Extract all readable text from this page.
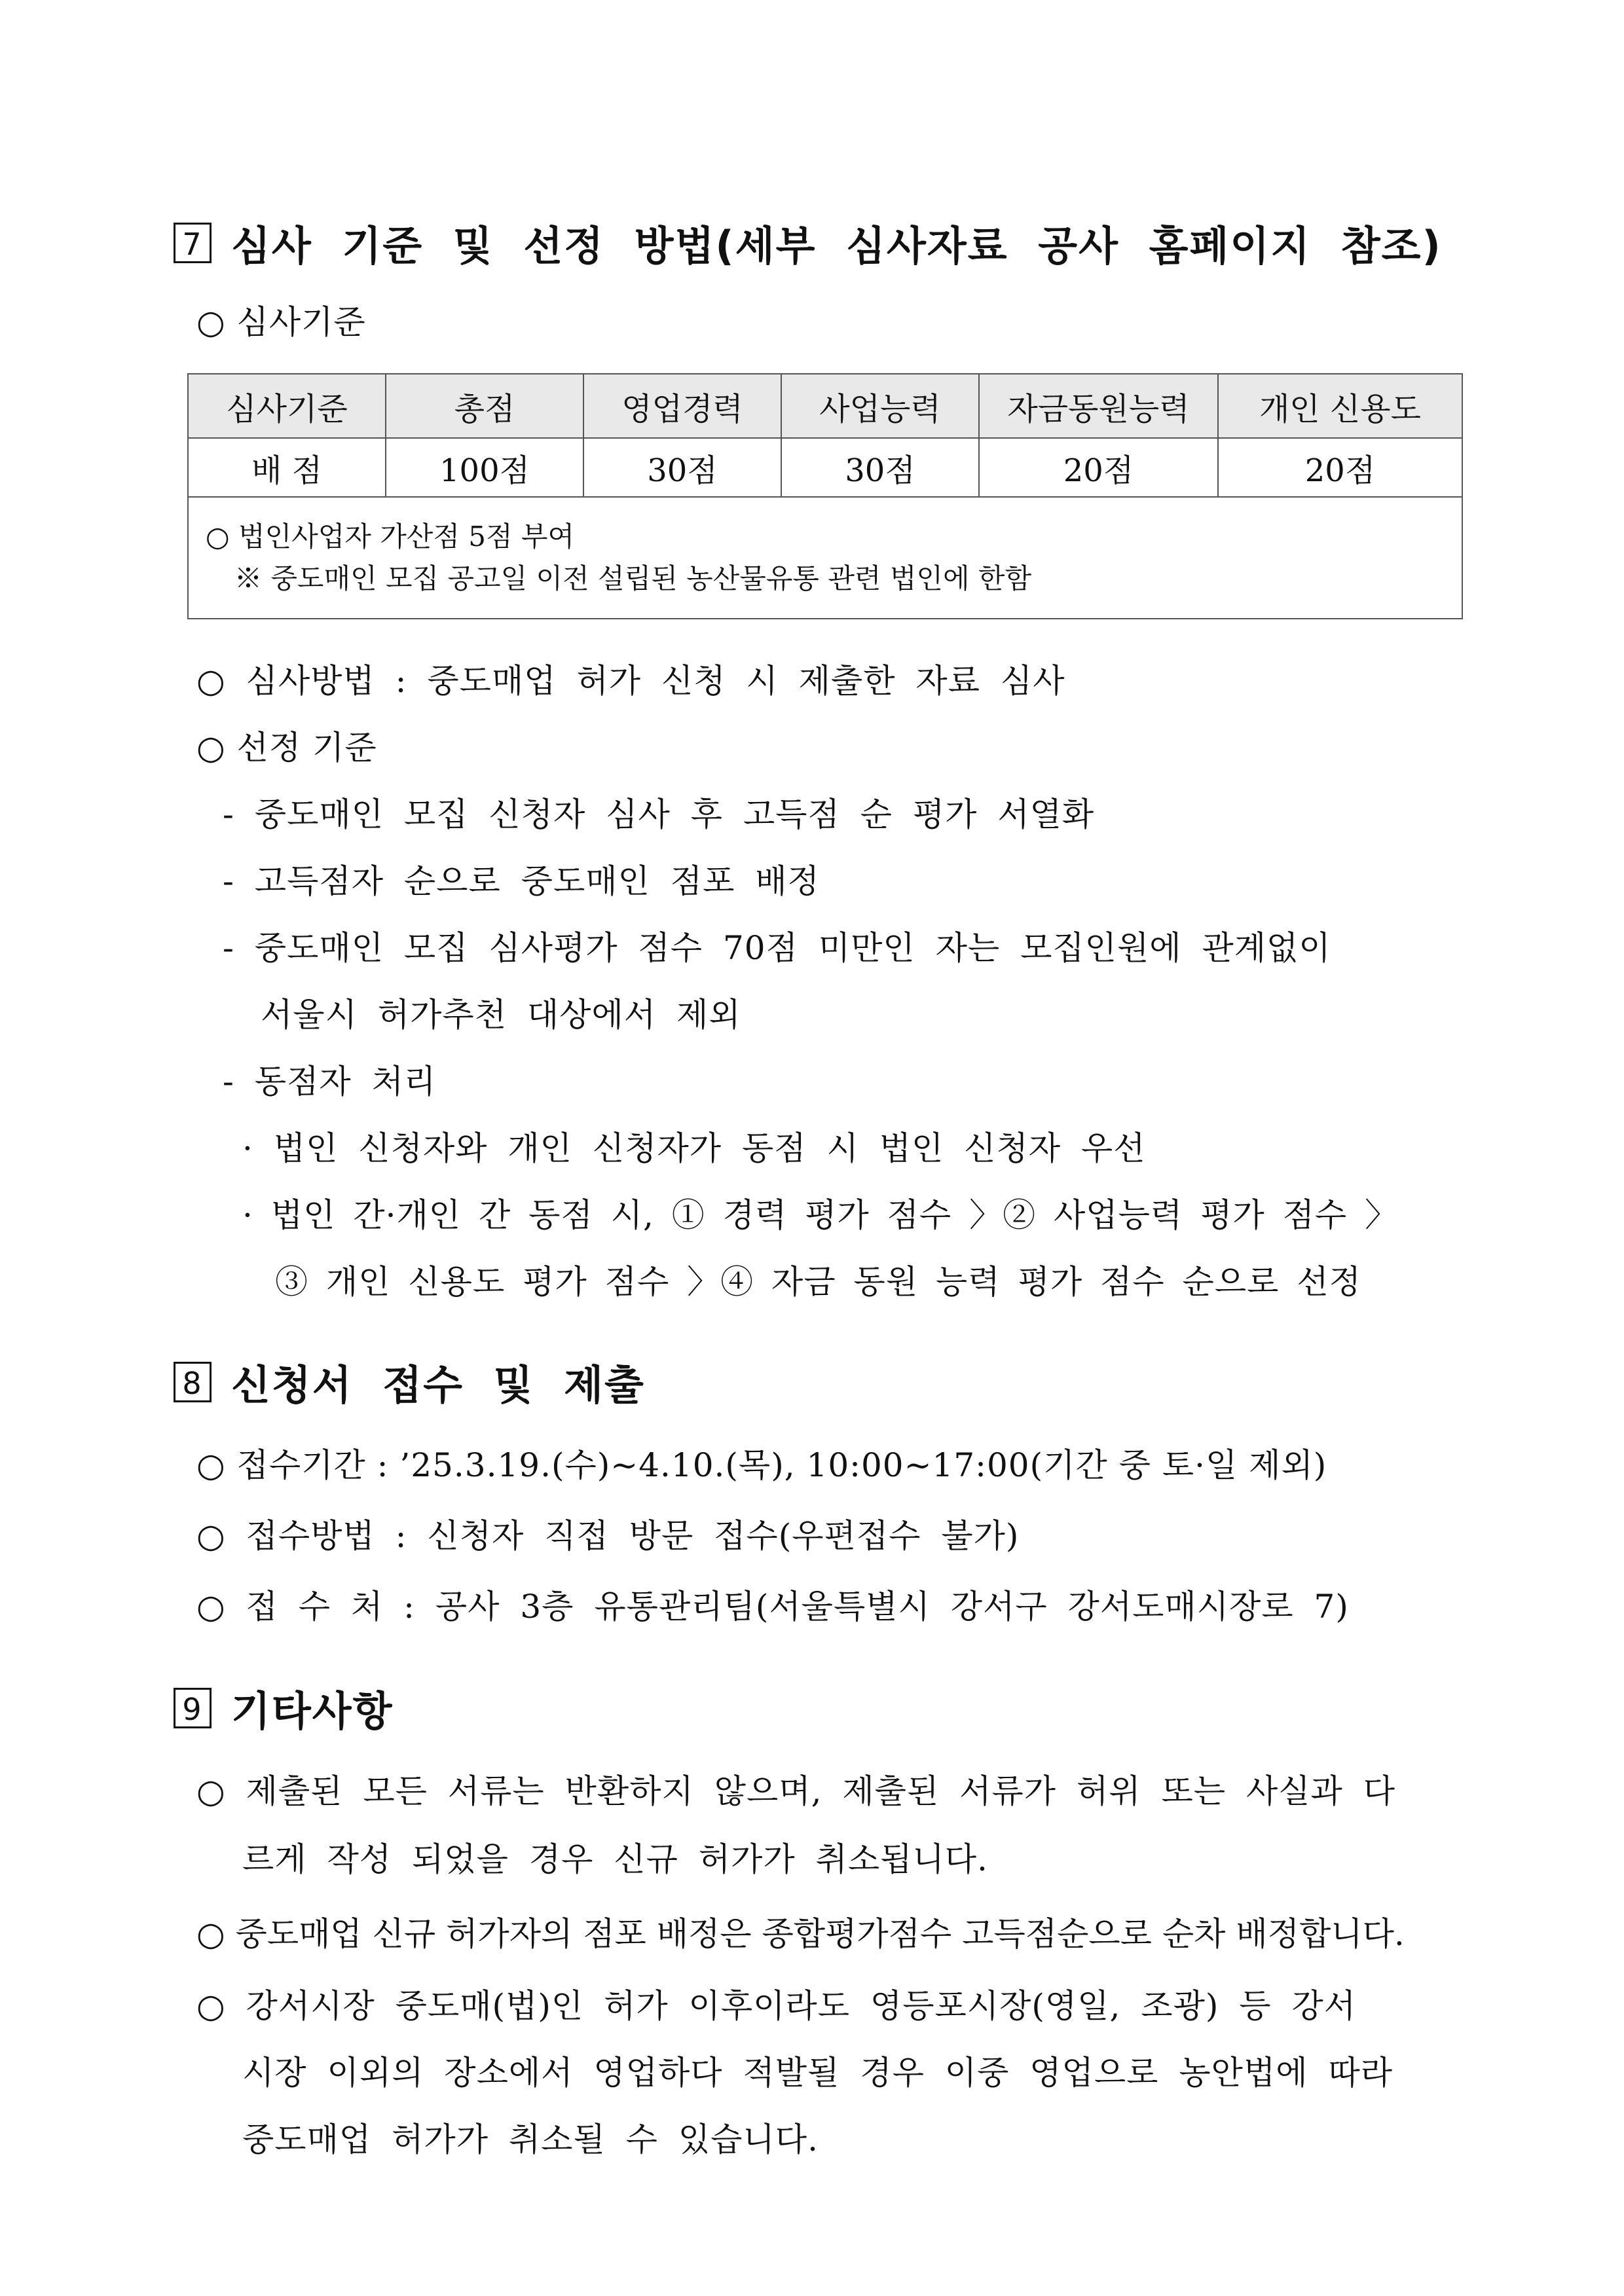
7 심사 기준 및 선정 방법(세부 심사자료 공사 홈페이지 참조)
○ 심사기준
심사기준	총점	영업경력	사업능력	자금동원능력	개인 신용도
배 점	100점	30점	30점	20점	20점

○ 법인사업자 가산점 5점 부여
※ 중도매인 모집 공고일 이전 설립된 농산물유통 관련 법인에 한함					
○ 심사방법 : 중도매업 허가 신청 시 제출한 자료 심사
○ 선정 기준
- 중도매인 모집 신청자 심사 후 고득점 순 평가 서열화
- 고득점자 순으로 중도매인 점포 배정
- 중도매인 모집 심사평가 점수 70점 미만인 자는 모집인원에 관계없이
서울시 허가추천 대상에서 제외
- 동점자 처리
· 법인 신청자와 개인 신청자가 동점 시 법인 신청자 우선
· 법인 간·개인 간 동점 시, ① 경력 평가 점수 〉② 사업능력 평가 점수 〉
③ 개인 신용도 평가 점수 〉④ 자금 동원 능력 평가 점수 순으로 선정
8 신청서 접수 및 제출
○ 접수기간 : ’25.3.19.(수)~4.10.(목), 10:00~17:00(기간 중 토·일 제외)
○ 접수방법 : 신청자 직접 방문 접수(우편접수 불가)
○ 접 수 처 : 공사 3층 유통관리팀(서울특별시 강서구 강서도매시장로 7)
9 기타사항
○ 제출된 모든 서류는 반환하지 않으며, 제출된 서류가 허위 또는 사실과 다
르게 작성 되었을 경우 신규 허가가 취소됩니다.
○ 중도매업 신규 허가자의 점포 배정은 종합평가점수 고득점순으로 순차 배정합니다.
○ 강서시장 중도매(법)인 허가 이후이라도 영등포시장(영일, 조광) 등 강서
시장 이외의 장소에서 영업하다 적발될 경우 이중 영업으로 농안법에 따라
중도매업 허가가 취소될 수 있습니다.
